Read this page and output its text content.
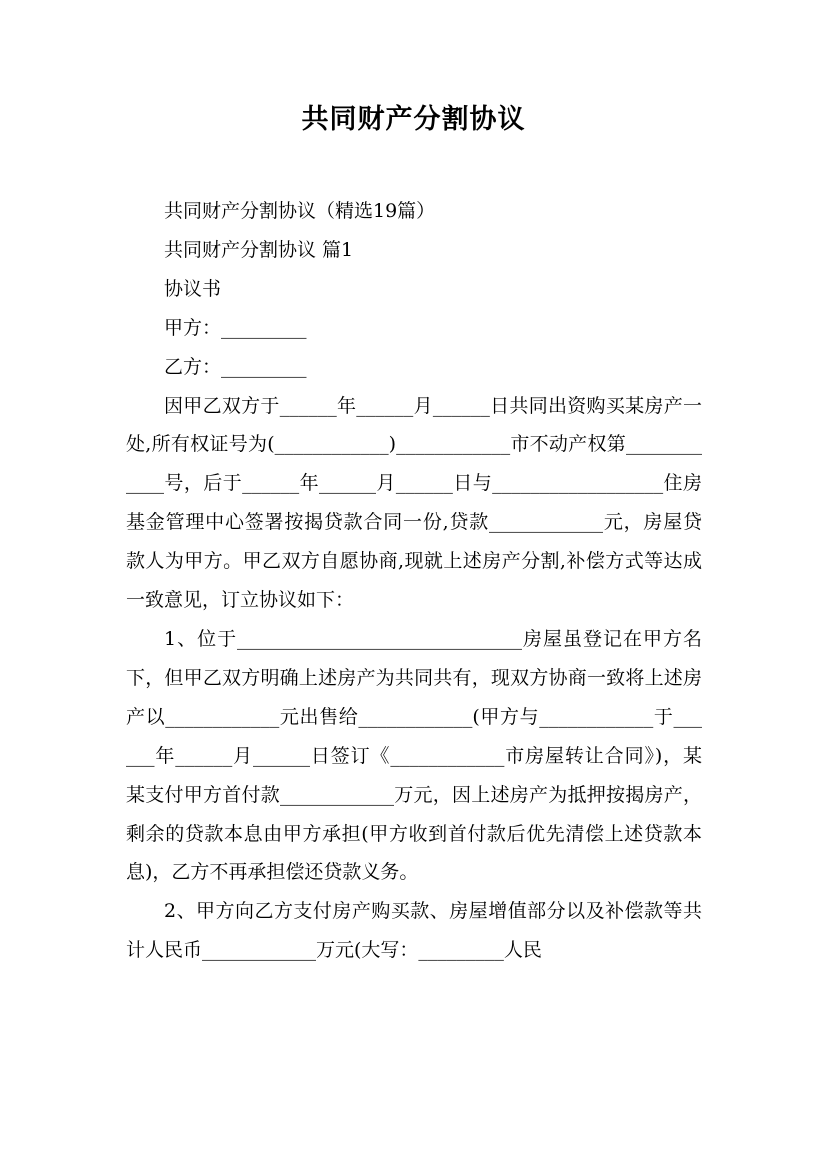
共同财产分割协议

共同财产分割协议（精选19篇）

共同财产分割协议 篇1

协议书

甲方：_________

乙方：_________

因甲乙双方于______年______月______日共同出资购买某房产一处,所有权证号为(____________)____________市不动产权第____________号，后于______年______月______日与__________________住房基金管理中心签署按揭贷款合同一份,贷款____________元，房屋贷款人为甲方。甲乙双方自愿协商,现就上述房产分割,补偿方式等达成一致意见，订立协议如下：

1、位于______________________________房屋虽登记在甲方名下，但甲乙双方明确上述房产为共同共有，现双方协商一致将上述房产以____________元出售给____________(甲方与____________于______年______月______日签订《____________市房屋转让合同》)，某某支付甲方首付款____________万元，因上述房产为抵押按揭房产，剩余的贷款本息由甲方承担(甲方收到首付款后优先清偿上述贷款本息)，乙方不再承担偿还贷款义务。

2、甲方向乙方支付房产购买款、房屋增值部分以及补偿款等共计人民币____________万元(大写：_________人民
